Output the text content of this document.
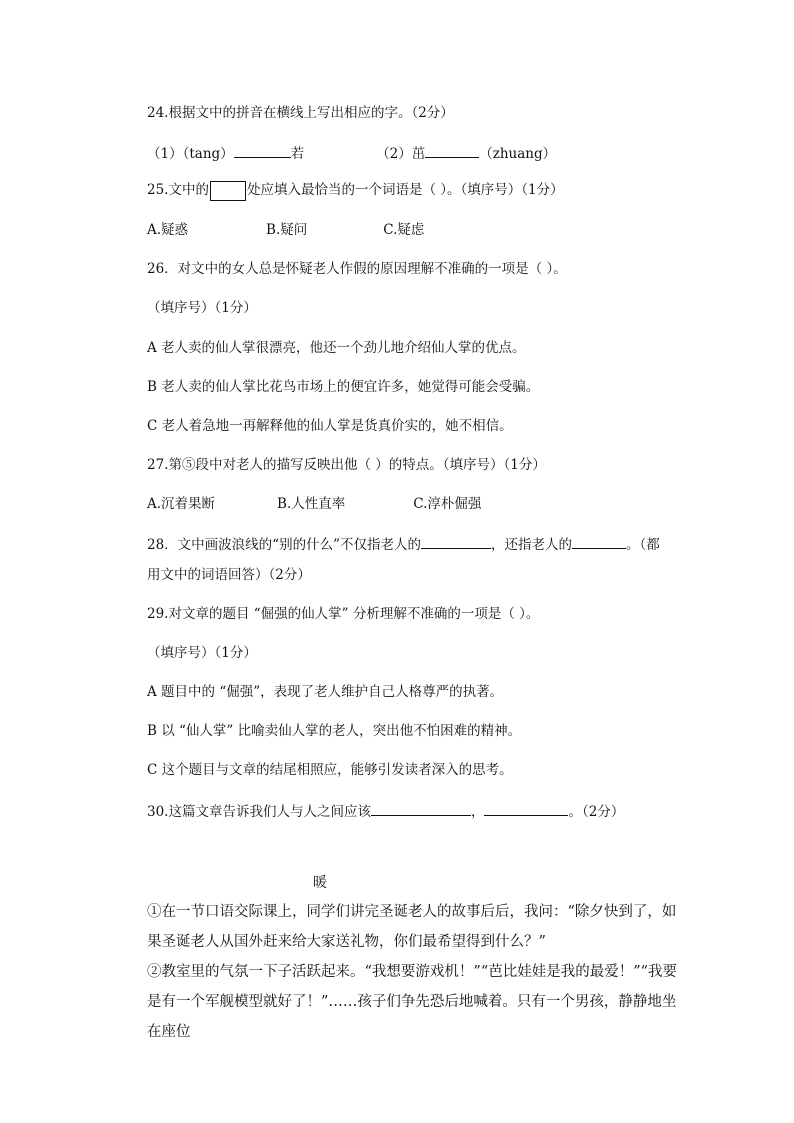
24.根据文中的拼音在横线上写出相应的字。（2分）
（1）（tang）	若	（2）茁	（zhuang）
25.文中的	处应填入最恰当的一个词语是（ ）。（填序号）（1分）
A.疑惑	B.疑问	C.疑虑
26．对文中的女人总是怀疑老人作假的原因理解不准确的一项是（ ）。
（填序号）（1分）
A 老人卖的仙人掌很漂亮，他还一个劲儿地介绍仙人掌的优点。
B 老人卖的仙人掌比花鸟市场上的便宜许多，她觉得可能会受骗。
C 老人着急地一再解释他的仙人掌是货真价实的，她不相信。
27.第⑤段中对老人的描写反映出他（ ）的特点。（填序号）（1分）
A.沉着果断	B.人性直率	C.淳朴倔强
28．文中画波浪线的“别的什么”不仅指老人的	，还指老人的	。（都
用文中的词语回答）（2分）
29.对文章的题目 “倔强的仙人掌” 分析理解不准确的一项是（ ）。
（填序号）（1分）
A 题目中的 “倔强”，表现了老人维护自己人格尊严的执著。
B 以 “仙人掌” 比喻卖仙人掌的老人，突出他不怕困难的精神。
C 这个题目与文章的结尾相照应，能够引发读者深入的思考。
30.这篇文章告诉我们人与人之间应该	，	。（2分）
暖
①在一节口语交际课上，同学们讲完圣诞老人的故事后后，我问：“除夕快到了，如果圣诞老人从国外赶来给大家送礼物，你们最希望得到什么？”
②教室里的气氛一下子活跃起来。“我想要游戏机！”“芭比娃娃是我的最爱！”“我要是有一个军舰模型就好了！”……孩子们争先恐后地喊着。只有一个男孩，静静地坐在座位
